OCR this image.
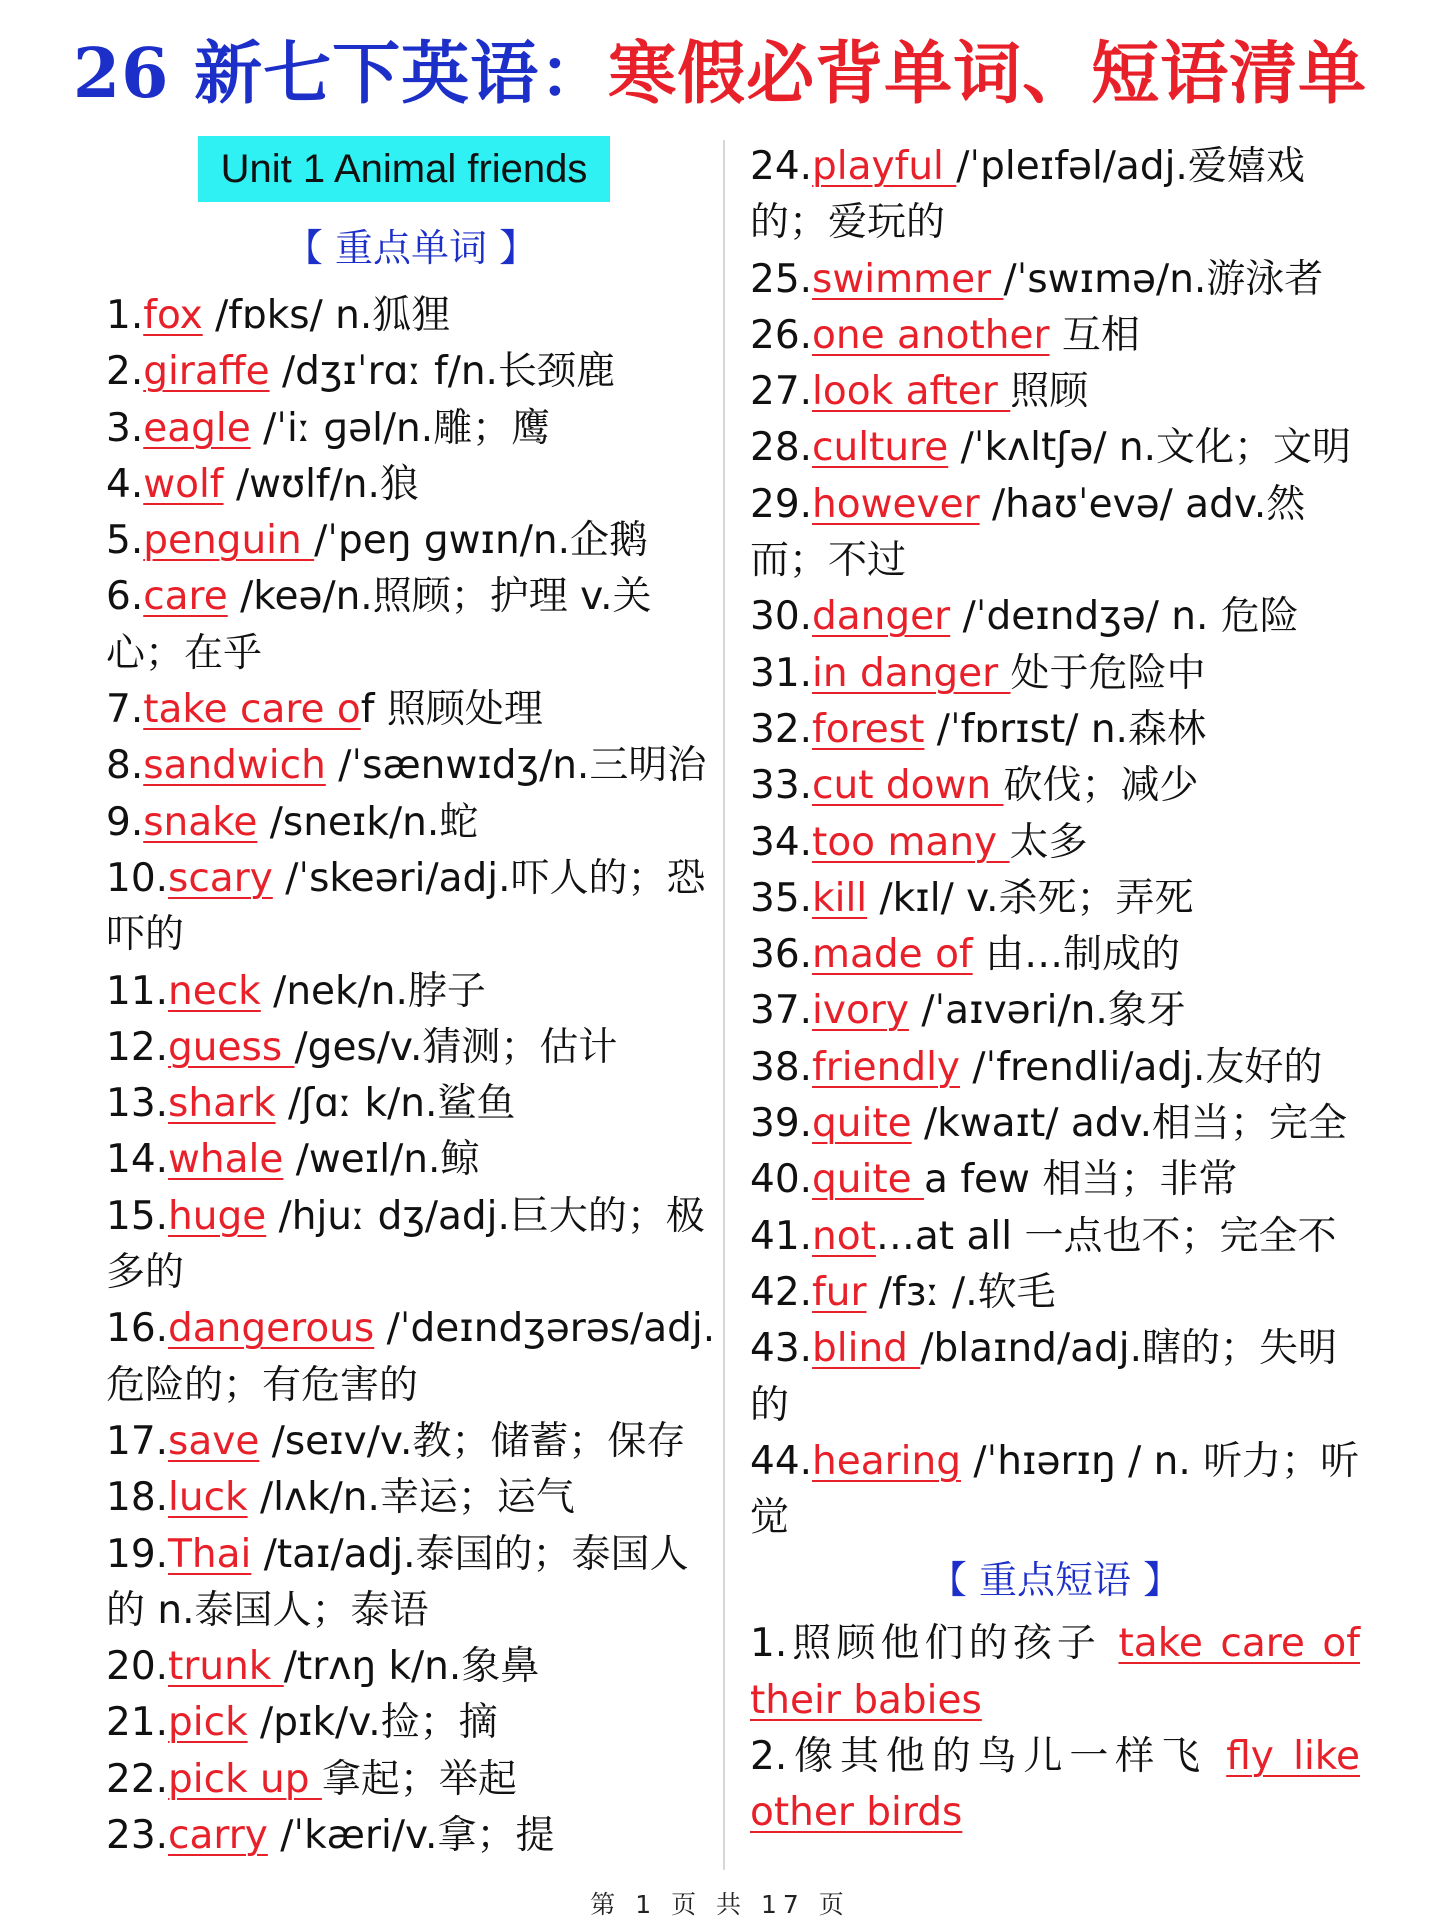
26 新七下英语：寒假必背单词、短语清单
Unit 1 Animal friends
【 重点单词 】

1.fox /fɒks/ n.狐狸

2.giraffe /dʒɪˈrɑː f/n.长颈鹿

3.eagle /ˈiː ɡəl/n.雕；鹰

4.wolf /wʊlf/n.狼

5.penguin /ˈpeŋ ɡwɪn/n.企鹅

6.care /keə/n.照顾；护理 v.关心；在乎

7.take care of 照顾处理

8.sandwich /ˈsænwɪdʒ/n.三明治

9.snake /sneɪk/n.蛇

10.scary /ˈskeəri/adj.吓人的；恐吓的

11.neck /nek/n.脖子

12.guess /ges/v.猜测；估计

13.shark /ʃɑː k/n.鲨鱼

14.whale /weɪl/n.鲸

15.huge /hjuː dʒ/adj.巨大的；极多的

16.dangerous /ˈdeɪndʒərəs/adj.危险的；有危害的

17.save /seɪv/v.教；储蓄；保存

18.luck /lʌk/n.幸运；运气

19.Thai /taɪ/adj.泰国的；泰国人的 n.泰国人；泰语

20.trunk /trʌŋ k/n.象鼻

21.pick /pɪk/v.捡；摘

22.pick up 拿起；举起

23.carry /ˈkæri/v.拿；提

24.playful /ˈpleɪfəl/adj.爱嬉戏的；爱玩的

25.swimmer /ˈswɪmə/n.游泳者

26.one another 互相

27.look after 照顾

28.culture /ˈkʌltʃə/ n.文化；文明

29.however /haʊˈevə/ adv.然而；不过

30.danger /ˈdeɪndʒə/ n. 危险

31.in danger 处于危险中

32.forest /ˈfɒrɪst/ n.森林

33.cut down 砍伐；减少

34.too many 太多

35.kill /kɪl/ v.杀死；弄死

36.made of 由…制成的

37.ivory /ˈaɪvəri/n.象牙

38.friendly /ˈfrendli/adj.友好的

39.quite /kwaɪt/ adv.相当；完全

40.quite a few 相当；非常

41.not…at all 一点也不；完全不

42.fur /fɜː /.软毛

43.blind /blaɪnd/adj.瞎的；失明的

44.hearing /ˈhɪərɪŋ / n. 听力；听觉

【 重点短语 】

1.照顾他们的孩子 take care of their babies

2.像其他的鸟儿一样飞 fly like other birds

第 1 页 共 17 页
